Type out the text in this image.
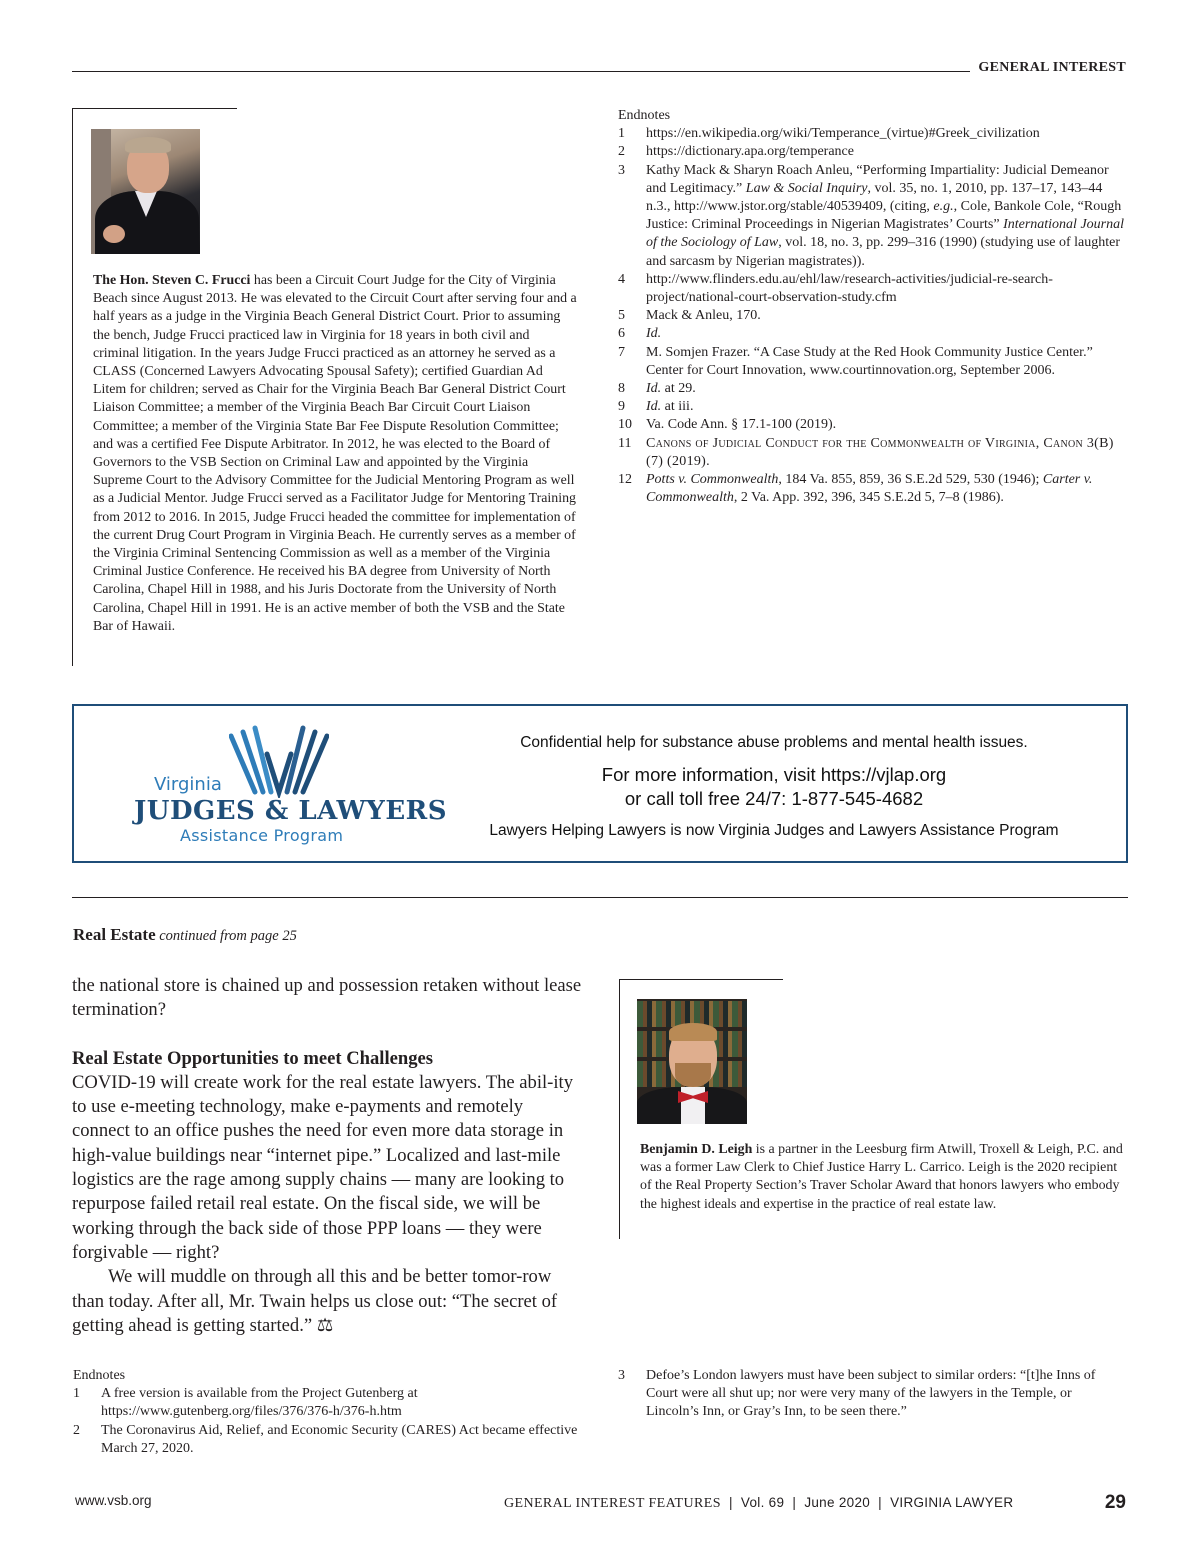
GENERAL INTEREST
The Hon. Steven C. Frucci has been a Circuit Court Judge for the City of Virginia Beach since August 2013. He was elevated to the Circuit Court after serving four and a half years as a judge in the Virginia Beach General District Court. Prior to assuming the bench, Judge Frucci practiced law in Virginia for 18 years in both civil and criminal litigation. In the years Judge Frucci practiced as an attorney he served as a CLASS (Concerned Lawyers Advocating Spousal Safety); certified Guardian Ad Litem for children; served as Chair for the Virginia Beach Bar General District Court Liaison Committee; a member of the Virginia Beach Bar Circuit Court Liaison Committee; a member of the Virginia State Bar Fee Dispute Resolution Committee; and was a certified Fee Dispute Arbitrator. In 2012, he was elected to the Board of Governors to the VSB Section on Criminal Law and appointed by the Virginia Supreme Court to the Advisory Committee for the Judicial Mentoring Program as well as a Judicial Mentor. Judge Frucci served as a Facilitator Judge for Mentoring Training from 2012 to 2016. In 2015, Judge Frucci headed the committee for implementation of the current Drug Court Program in Virginia Beach. He currently serves as a member of the Virginia Criminal Sentencing Commission as well as a member of the Virginia Criminal Justice Conference. He received his BA degree from University of North Carolina, Chapel Hill in 1988, and his Juris Doctorate from the University of North Carolina, Chapel Hill in 1991. He is an active member of both the VSB and the State Bar of Hawaii.
Endnotes
1 https://en.wikipedia.org/wiki/Temperance_(virtue)#Greek_civilization
2 https://dictionary.apa.org/temperance
3 Kathy Mack & Sharyn Roach Anleu, “Performing Impartiality: Judicial Demeanor and Legitimacy.” Law & Social Inquiry, vol. 35, no. 1, 2010, pp. 137–17, 143–44 n.3., http://www.jstor.org/stable/40539409, (citing, e.g., Cole, Bankole Cole, “Rough Justice: Criminal Proceedings in Nigerian Magistrates’ Courts” International Journal of the Sociology of Law, vol. 18, no. 3, pp. 299–316 (1990) (studying use of laughter and sarcasm by Nigerian magistrates)).
4 http://www.flinders.edu.au/ehl/law/research-activities/judicial-re-search-project/national-court-observation-study.cfm
5 Mack & Anleu, 170.
6 Id.
7 M. Somjen Frazer. “A Case Study at the Red Hook Community Justice Center.” Center for Court Innovation, www.courtinnovation.org, September 2006.
8 Id. at 29.
9 Id. at iii.
10 Va. Code Ann. § 17.1-100 (2019).
11 Canons of Judicial Conduct for the Commonwealth of Virginia, Canon 3(B)(7) (2019).
12 Potts v. Commonwealth, 184 Va. 855, 859, 36 S.E.2d 529, 530 (1946); Carter v. Commonwealth, 2 Va. App. 392, 396, 345 S.E.2d 5, 7–8 (1986).
Virginia
JUDGES & LAWYERS
Assistance Program
Confidential help for substance abuse problems and mental health issues.
For more information, visit https://vjlap.org
or call toll free 24/7: 1-877-545-4682
Lawyers Helping Lawyers is now Virginia Judges and Lawyers Assistance Program
Real Estate continued from page 25

the national store is chained up and possession retaken without lease termination?

Real Estate Opportunities to meet Challenges

COVID-19 will create work for the real estate lawyers. The abil-ity to use e-meeting technology, make e-payments and remotely connect to an office pushes the need for even more data storage in high-value buildings near “internet pipe.” Localized and last-mile logistics are the rage among supply chains — many are looking to repurpose failed retail real estate. On the fiscal side, we will be working through the back side of those PPP loans — they were forgivable — right?

We will muddle on through all this and be better tomor-row than today. After all, Mr. Twain helps us close out: “The secret of getting ahead is getting started.” ⚖

Benjamin D. Leigh is a partner in the Leesburg firm Atwill, Troxell & Leigh, P.C. and was a former Law Clerk to Chief Justice Harry L. Carrico. Leigh is the 2020 recipient of the Real Property Section’s Traver Scholar Award that honors lawyers who embody the highest ideals and expertise in the practice of real estate law.
Endnotes
1 A free version is available from the Project Gutenberg at https://www.gutenberg.org/files/376/376-h/376-h.htm
2 The Coronavirus Aid, Relief, and Economic Security (CARES) Act became effective March 27, 2020.
3 Defoe’s London lawyers must have been subject to similar orders: “[t]he Inns of Court were all shut up; nor were very many of the lawyers in the Temple, or Lincoln’s Inn, or Gray’s Inn, to be seen there.”
www.vsb.org	GENERAL INTEREST FEATURES  |  Vol. 69  |  June 2020  |  VIRGINIA LAWYER	29
